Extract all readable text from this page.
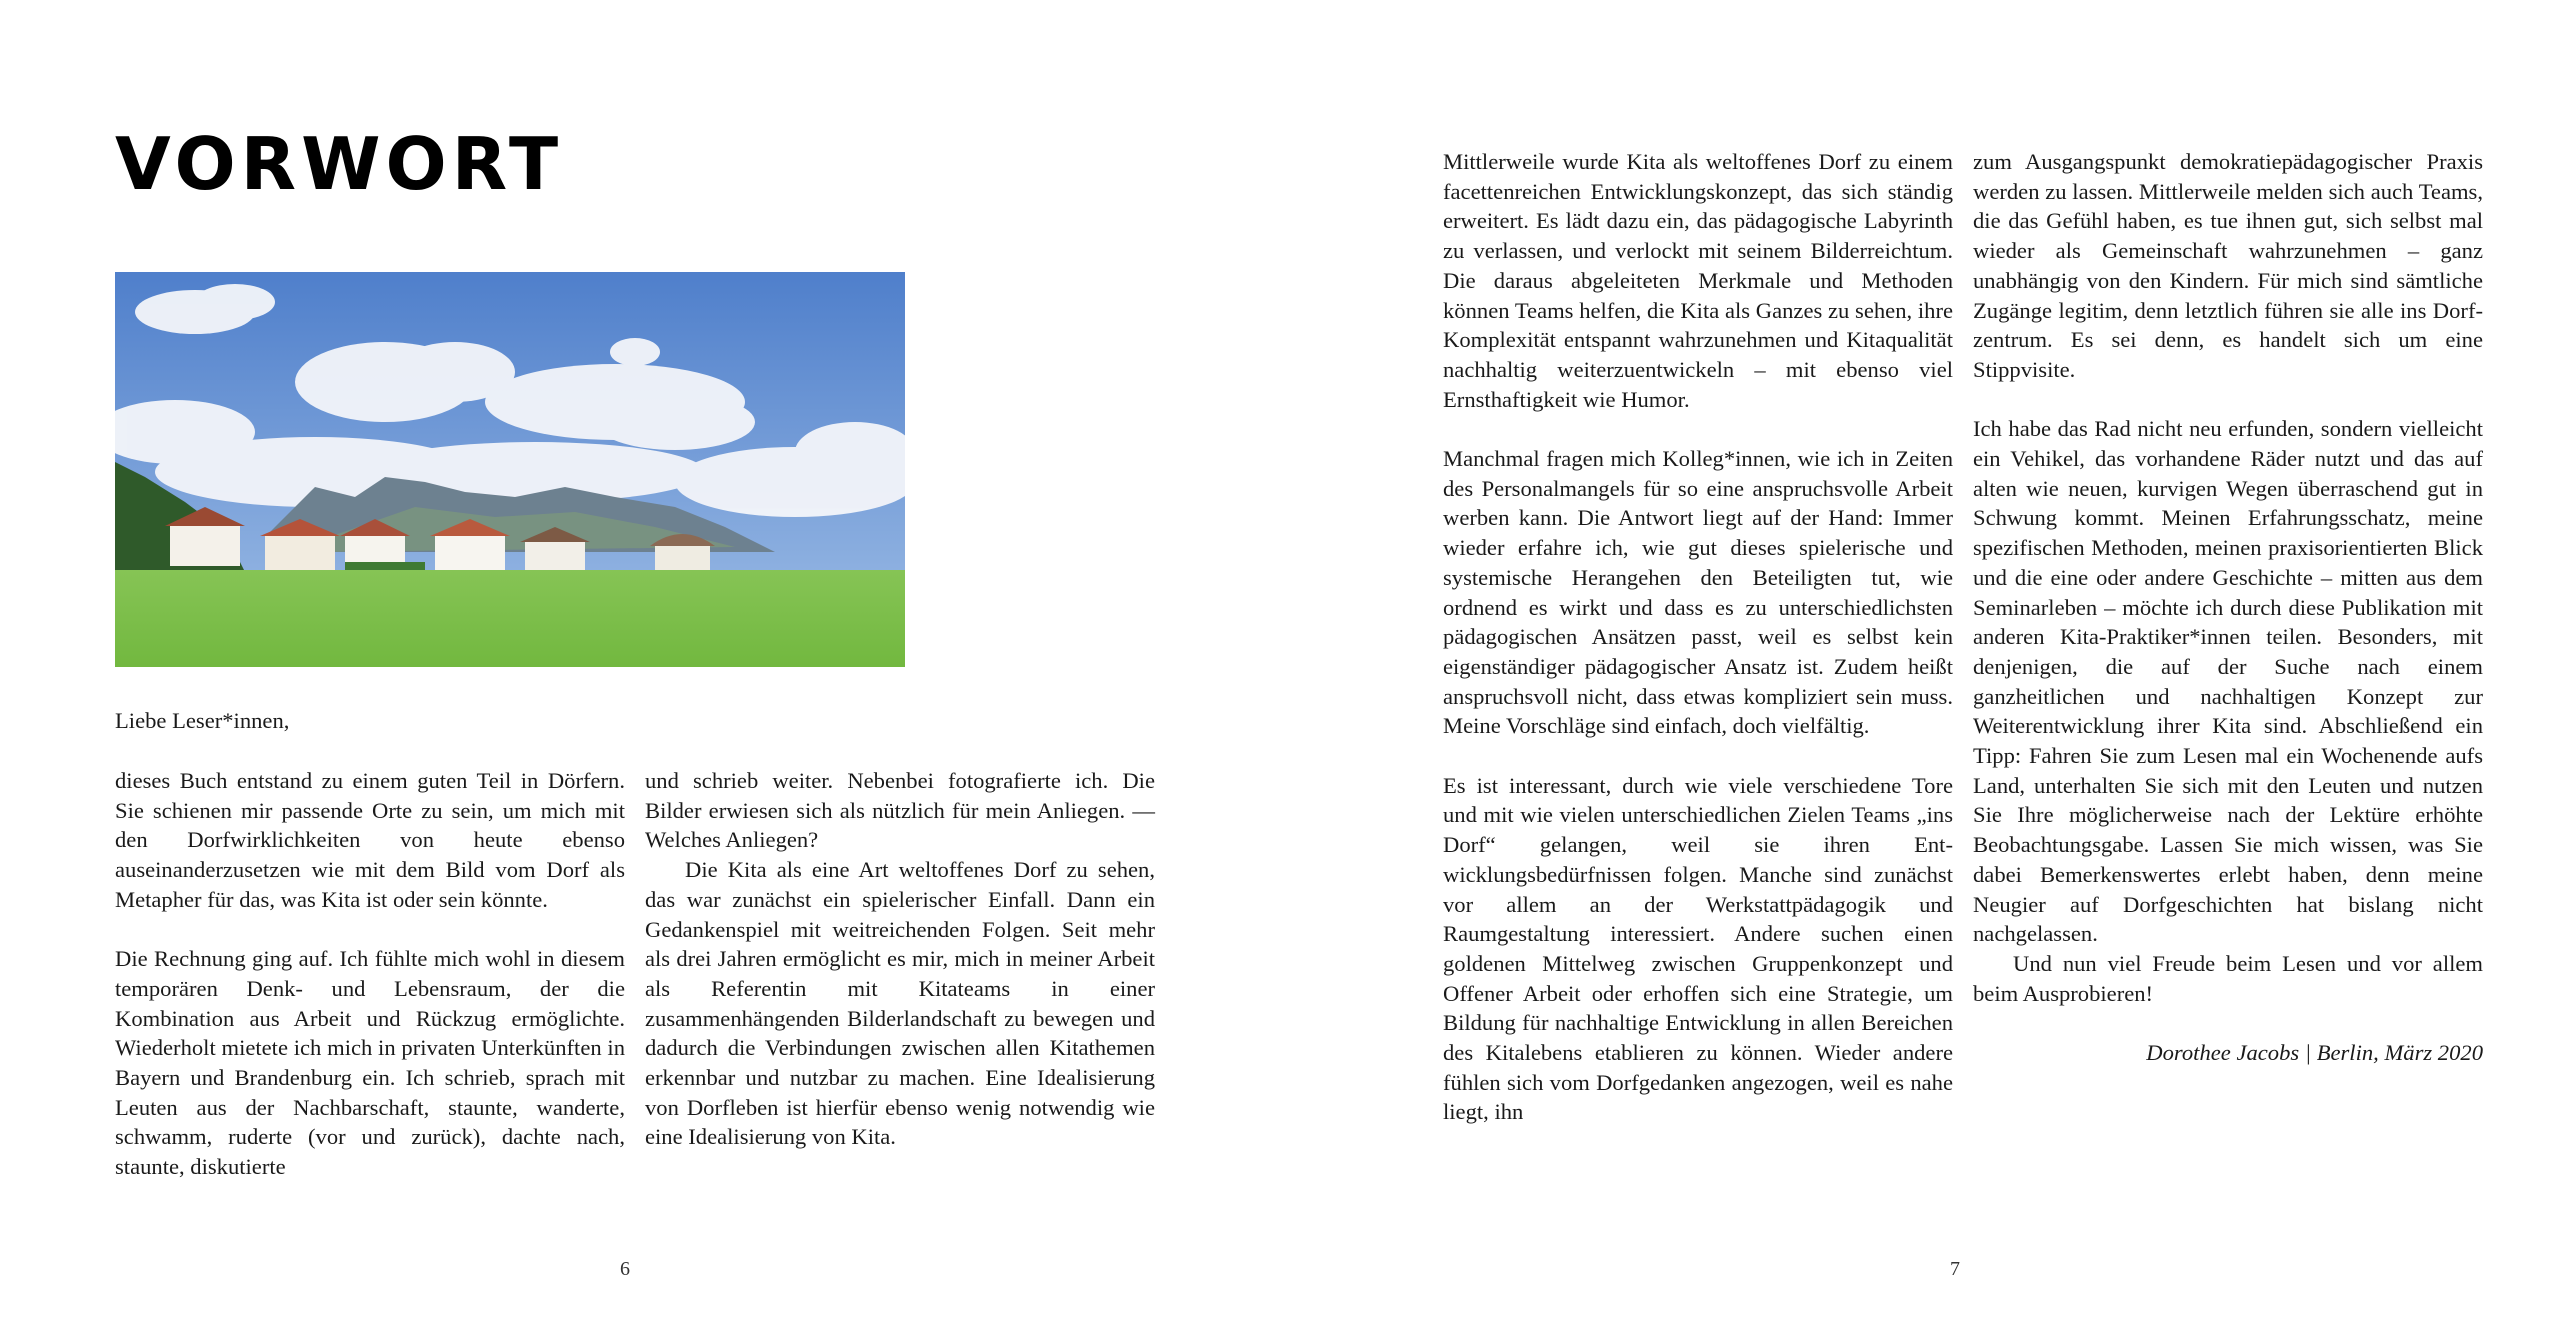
VORWORT

Liebe Leser*innen,

dieses Buch entstand zu einem guten Teil in Dörfern. Sie schienen mir passende Orte zu sein, um mich mit den Dorfwirklichkeiten von heute ebenso auseinanderzusetzen wie mit dem Bild vom Dorf als Metapher für das, was Kita ist oder sein könnte.

Die Rechnung ging auf. Ich fühlte mich wohl in diesem temporären Denk- und Lebensraum, der die Kombination aus Arbeit und Rückzug ermöglichte. Wiederholt mietete ich mich in privaten Unterkünften in Bayern und Brandenburg ein. Ich schrieb, sprach mit Leuten aus der Nachbarschaft, staunte, wanderte, schwamm, ruderte (vor und zurück), dachte nach, staunte, diskutierte

und schrieb weiter. Nebenbei fotografierte ich. Die Bilder erwiesen sich als nützlich für mein Anliegen. — Welches Anliegen?

Die Kita als eine Art weltoffenes Dorf zu sehen, das war zunächst ein spielerischer Einfall. Dann ein Gedankenspiel mit weitreichenden Folgen. Seit mehr als drei Jahren ermöglicht es mir, mich in meiner Arbeit als Referentin mit Kitateams in einer zusammenhängenden Bilderlandschaft zu bewegen und dadurch die Verbindungen zwischen allen Kitathemen erkennbar und nutzbar zu machen. Eine Idealisierung von Dorfleben ist hierfür ebenso wenig notwendig wie eine Idealisierung von Kita.

6

Mittlerweile wurde Kita als weltoffenes Dorf zu einem facettenreichen Entwicklungskonzept, das sich ständig erweitert. Es lädt dazu ein, das pädagogische Labyrinth zu verlassen, und verlockt mit seinem Bilderreichtum. Die daraus abgeleiteten Merkmale und Methoden können Teams helfen, die Kita als Ganzes zu sehen, ihre Komplexität entspannt wahrzunehmen und Kitaqualität nachhaltig weiterzuentwickeln – mit ebenso viel Ernsthaftigkeit wie Humor.

Manchmal fragen mich Kolleg*innen, wie ich in Zeiten des Personalmangels für so eine anspruchsvolle Arbeit werben kann. Die Antwort liegt auf der Hand: Immer wieder erfahre ich, wie gut dieses spielerische und systemische Herangehen den Beteiligten tut, wie ordnend es wirkt und dass es zu unterschiedlichsten pädagogischen Ansätzen passt, weil es selbst kein eigenständiger pädagogischer Ansatz ist. Zudem heißt anspruchsvoll nicht, dass etwas kompliziert sein muss. Meine Vorschläge sind einfach, doch vielfältig.

Es ist interessant, durch wie viele verschiedene Tore und mit wie vielen unterschiedlichen Zielen Teams „ins Dorf“ gelangen, weil sie ihren Entwicklungsbedürfnissen folgen. Manche sind zunächst vor allem an der Werkstattpädagogik und Raumgestaltung interessiert. Andere suchen einen goldenen Mittelweg zwischen Gruppenkonzept und Offener Arbeit oder erhoffen sich eine Strategie, um Bildung für nachhaltige Entwicklung in allen Bereichen des Kitalebens etablieren zu können. Wieder andere fühlen sich vom Dorfgedanken angezogen, weil es nahe liegt, ihn

zum Ausgangspunkt demokratiepädagogischer Praxis werden zu lassen. Mittlerweile melden sich auch Teams, die das Gefühl haben, es tue ihnen gut, sich selbst mal wieder als Gemeinschaft wahrzunehmen – ganz unabhängig von den Kindern. Für mich sind sämtliche Zugänge legitim, denn letztlich führen sie alle ins Dorfzentrum. Es sei denn, es handelt sich um eine Stippvisite.

Ich habe das Rad nicht neu erfunden, sondern vielleicht ein Vehikel, das vorhandene Räder nutzt und das auf alten wie neuen, kurvigen Wegen überraschend gut in Schwung kommt. Meinen Erfahrungsschatz, meine spezifischen Methoden, meinen praxisorientierten Blick und die eine oder andere Geschichte – mitten aus dem Seminarleben – möchte ich durch diese Publikation mit anderen Kita-Praktiker*innen teilen. Besonders, mit denjenigen, die auf der Suche nach einem ganzheitlichen und nachhaltigen Konzept zur Weiterentwicklung ihrer Kita sind. Abschließend ein Tipp: Fahren Sie zum Lesen mal ein Wochenende aufs Land, unterhalten Sie sich mit den Leuten und nutzen Sie Ihre möglicherweise nach der Lektüre erhöhte Beobachtungsgabe. Lassen Sie mich wissen, was Sie dabei Bemerkenswertes erlebt haben, denn meine Neugier auf Dorfgeschichten hat bislang nicht nachgelassen.

Und nun viel Freude beim Lesen und vor allem beim Ausprobieren!

Dorothee Jacobs | Berlin, März 2020

7
